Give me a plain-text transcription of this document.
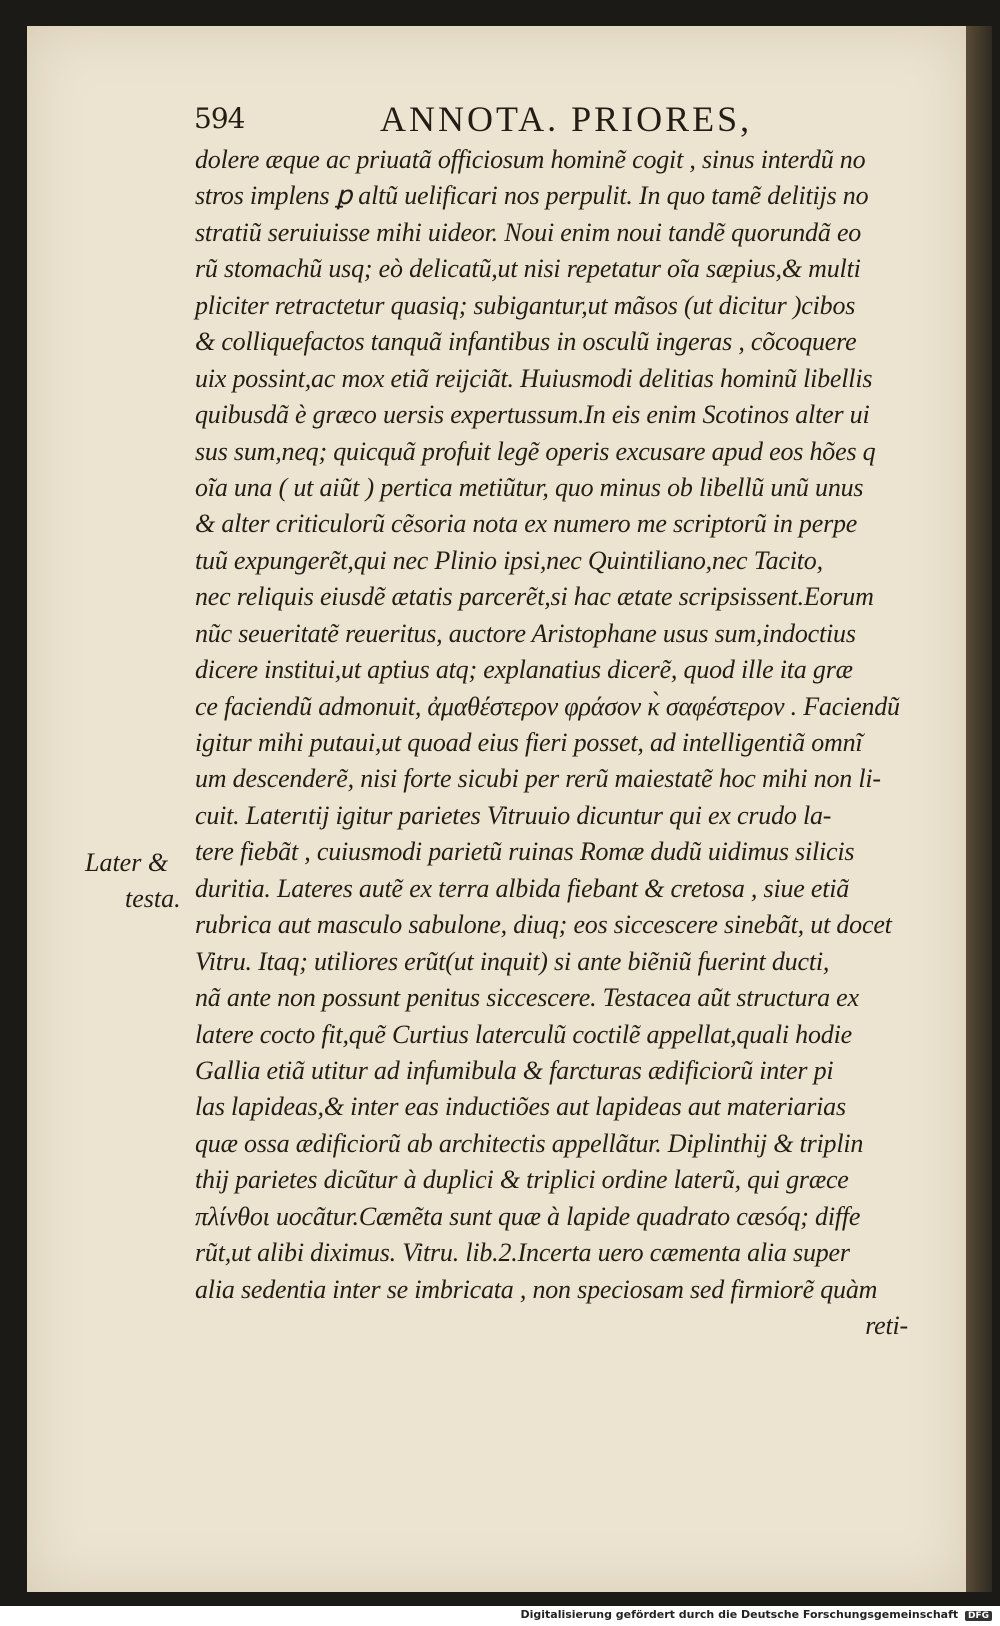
594	ANNOTA. PRIORES,
dolere æque ac priuatã officiosum hominẽ cogit , sinus interdũ no
stros implens ꝑ altũ uelificari nos perpulit. In quo tamẽ delitijs no
stratiũ seruiuisse mihi uideor. Noui enim noui tandẽ quorundã eo
rũ stomachũ usq; eò delicatũ,ut nisi repetatur oĩa sæpius,& multi
pliciter retractetur quasiq; subigantur,ut mãsos (ut dicitur )cibos
& colliquefactos tanquã infantibus in osculũ ingeras , cõcoquere
uix possint,ac mox etiã reijciãt. Huiusmodi delitias hominũ libellis
quibusdã è græco uersis expertussum.In eis enim Scotinos alter ui
sus sum,neq; quicquã profuit legẽ operis excusare apud eos hões q
oĩa una ( ut aiũt ) pertica metiũtur, quo minus ob libellũ unũ unus
& alter criticulorũ cẽsoria nota ex numero me scriptorũ in perpe
tuũ expungerẽt,qui nec Plinio ipsi,nec Quintiliano,nec Tacito,
nec reliquis eiusdẽ ætatis parcerẽt,si hac ætate scripsissent.Eorum
nũc seueritatẽ reueritus, auctore Aristophane usus sum,indoctius
dicere institui,ut aptius atq; explanatius dicerẽ, quod ille ita græ
ce faciendũ admonuit, ἀμαθέστερον φράσον κ̀ σαφέστερον . Faciendũ
igitur mihi putaui,ut quoad eius fieri posset, ad intelligentiã omnĩ
um descenderẽ, nisi forte sicubi per rerũ maiestatẽ hoc mihi non li-
cuit. Laterıtij igitur parietes Vitruuio dicuntur qui ex crudo la-
tere fiebãt , cuiusmodi parietũ ruinas Romæ dudũ uidimus silicis
duritia. Lateres autẽ ex terra albida fiebant & cretosa , siue etiã
rubrica aut masculo sabulone, diuq; eos siccescere sinebãt, ut docet
Vitru. Itaq; utiliores erũt(ut inquit) si ante biẽniũ fuerint ducti,
nã ante non possunt penitus siccescere. Testacea aũt structura ex
latere cocto fit,quẽ Curtius laterculũ coctilẽ appellat,quali hodie
Gallia etiã utitur ad infumibula & farcturas ædificiorũ inter pi
las lapideas,& inter eas inductiões aut lapideas aut materiarias
quæ ossa ædificiorũ ab architectis appellãtur. Diplinthij & triplin
thij parietes dicũtur à duplici & triplici ordine laterũ, qui græce
πλίνθοι uocãtur.Cæmẽta sunt quæ à lapide quadrato cæsóq; diffe
rũt,ut alibi diximus. Vitru. lib.2.Incerta uero cæmenta alia super
alia sedentia inter se imbricata , non speciosam sed firmiorẽ quàm
reti-
Later &
testa.
Digitalisierung gefördert durch die Deutsche Forschungsgemeinschaft DFG
